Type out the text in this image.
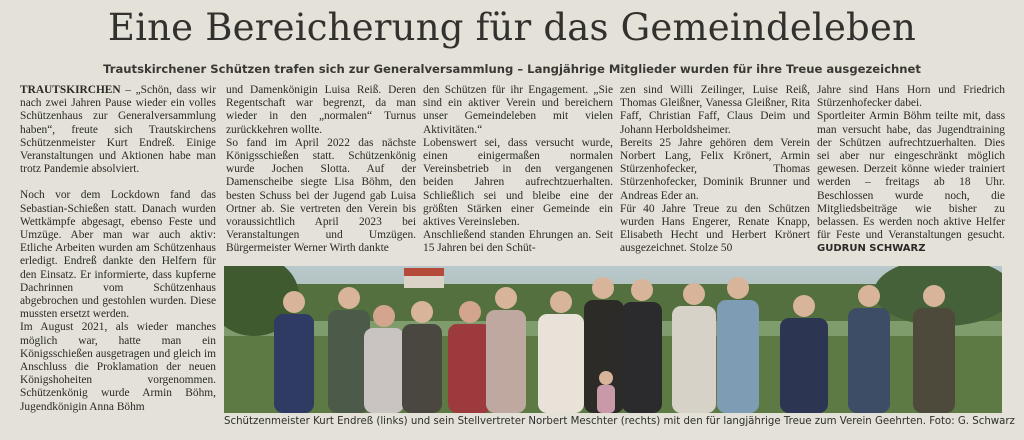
Eine Bereicherung für das Gemeindeleben
Trautskirchener Schützen trafen sich zur Generalversammlung – Langjährige Mitglieder wurden für ihre Treue ausgezeichnet

TRAUTSKIRCHEN – „Schön, dass wir nach zwei Jahren Pause wieder ein volles Schützenhaus zur Generalversammlung haben“, freute sich Trautskirchens Schützenmeister Kurt Endreß. Einige Veranstaltungen und Aktionen habe man trotz Pandemie absolviert.

Noch vor dem Lockdown fand das Sebastian-Schießen statt. Danach wurden Wettkämpfe abgesagt, ebenso Feste und Umzüge. Aber man war auch aktiv: Etliche Arbeiten wurden am Schützenhaus erledigt. Endreß dankte den Helfern für den Einsatz. Er informierte, dass kupferne Dachrinnen vom Schützenhaus abgebrochen und gestohlen wurden. Diese mussten ersetzt werden.

Im August 2021, als wieder manches möglich war, hatte man ein Königsschießen ausgetragen und gleich im Anschluss die Proklamation der neuen Königshoheiten vorgenommen. Schützenkönig wurde Armin Böhm, Jugendkönigin Anna Böhm

und Damenkönigin Luisa Reiß. Deren Regentschaft war begrenzt, da man wieder in den „normalen“ Turnus zurückkehren wollte.

So fand im April 2022 das nächste Königsschießen statt. Schützenkönig wurde Jochen Slotta. Auf der Damenscheibe siegte Lisa Böhm, den besten Schuss bei der Jugend gab Luisa Ortner ab. Sie vertreten den Verein bis voraussichtlich April 2023 bei Veranstaltungen und Umzügen. Bürgermeister Werner Wirth dankte

den Schützen für ihr Engagement. „Sie sind ein aktiver Verein und bereichern unser Gemeindeleben mit vielen Aktivitäten.“

Lobenswert sei, dass versucht wurde, einen einigermaßen normalen Vereinsbetrieb in den vergangenen beiden Jahren aufrechtzuerhalten. Schließlich sei und bleibe eine der größten Stärken einer Gemeinde ein aktives Vereinsleben.

Anschließend standen Ehrungen an. Seit 15 Jahren bei den Schüt-

zen sind Willi Zeilinger, Luise Reiß, Thomas Gleißner, Vanessa Gleißner, Rita Faff, Christian Faff, Claus Deim und Johann Herboldsheimer.

Bereits 25 Jahre gehören dem Verein Norbert Lang, Felix Krönert, Armin Stürzenhofecker, Thomas Stürzenhofecker, Dominik Brunner und Andreas Eder an.

Für 40 Jahre Treue zu den Schützen wurden Hans Engerer, Renate Knapp, Elisabeth Hecht und Herbert Krönert ausgezeichnet. Stolze 50

Jahre sind Hans Horn und Friedrich Stürzenhofecker dabei.

Sportleiter Armin Böhm teilte mit, dass man versucht habe, das Jugendtraining der Schützen aufrechtzuerhalten. Dies sei aber nur eingeschränkt möglich gewesen. Derzeit könne wieder trainiert werden – freitags ab 18 Uhr. Beschlossen wurde noch, die Mitgliedsbeiträge wie bisher zu belassen. Es werden noch aktive Helfer für Feste und Veranstaltungen gesucht. GUDRUN SCHWARZ

Schützenmeister Kurt Endreß (links) und sein Stellvertreter Norbert Meschter (rechts) mit den für langjährige Treue zum Verein Geehrten. Foto: G. Schwarz
